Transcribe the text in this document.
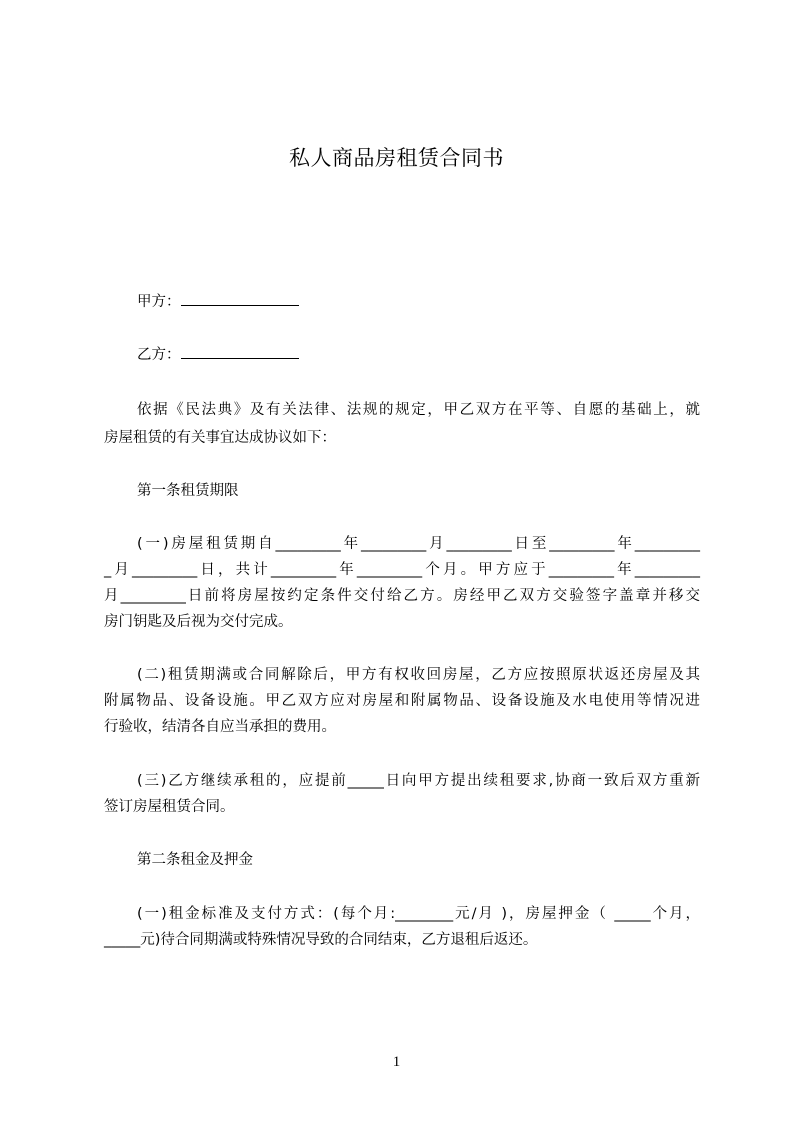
私人商品房租赁合同书
甲方：
乙方：
依据《民法典》及有关法律、法规的规定，甲乙双方在平等、自愿的基础上，就
房屋租赁的有关事宜达成协议如下：
第一条租赁期限
(一)房屋租赁期自_________年_________月_________日至_________年_________
_月_________日，共计_________年_________个月。甲方应于_________年_________
月_________日前将房屋按约定条件交付给乙方。房经甲乙双方交验签字盖章并移交
房门钥匙及后视为交付完成。
(二)租赁期满或合同解除后，甲方有权收回房屋，乙方应按照原状返还房屋及其
附属物品、设备设施。甲乙双方应对房屋和附属物品、设备设施及水电使用等情况进
行验收，结清各自应当承担的费用。
(三)乙方继续承租的，应提前_____日向甲方提出续租要求,协商一致后双方重新
签订房屋租赁合同。
第二条租金及押金
(一)租金标准及支付方式：(每个月:________元/月 )，房屋押金（ _____个月，
_____元)待合同期满或特殊情况导致的合同结束，乙方退租后返还。
1
